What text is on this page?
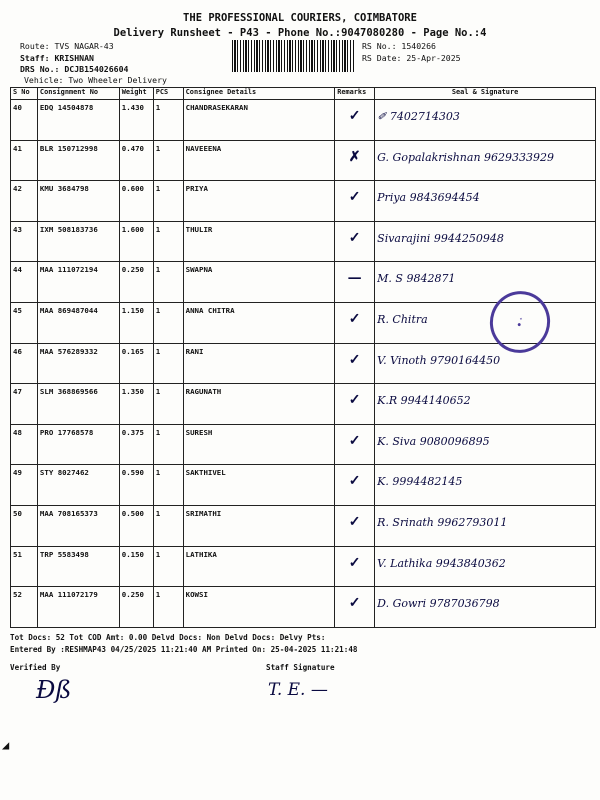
THE PROFESSIONAL COURIERS, COIMBATORE
Delivery Runsheet - P43 - Phone No.:9047080280 - Page No.:4
Route: TVS NAGAR-43
Staff: KRISHNAN
DRS No.: DCJB154026604
Vehicle: Two Wheeler Delivery
RS No.: 1540266
RS Date: 25-Apr-2025
S No	Consignment No	Weight	PCS	Consignee Details	Remarks	Seal & Signature
40	EDQ 14504878	1.430	1	CHANDRASEKARAN	✓	✐ 7402714303
41	BLR 150712998	0.470	1	NAVEEENA	✗	G. Gopalakrishnan 9629333929
42	KMU 3684798	0.600	1	PRIYA	✓	Priya 9843694454
43	IXM 508183736	1.600	1	THULIR	✓	Sivarajini 9944250948
44	MAA 111072194	0.250	1	SWAPNA	—	M. S 9842871
45	MAA 869487044	1.150	1	ANNA CHITRA	✓	R. Chitra
46	MAA 576289332	0.165	1	RANI	✓	V. Vinoth 9790164450
47	SLM 368869566	1.350	1	RAGUNATH	✓	K.R 9944140652
48	PRO 17768578	0.375	1	SURESH	✓	K. Siva 9080096895
49	STY 8027462	0.590	1	SAKTHIVEL	✓	K. 9994482145
50	MAA 708165373	0.500	1	SRIMATHI	✓	R. Srinath 9962793011
51	TRP 5583498	0.150	1	LATHIKA	✓	V. Lathika 9943840362
52	MAA 111072179	0.250	1	KOWSI	✓	D. Gowri 9787036798
✦
●
Tot Docs: 52 Tot COD Amt: 0.00 Delvd Docs: Non Delvd Docs: Delvy Pts:
Entered By :RESHMAP43 04/25/2025 11:21:40 AM Printed On: 25-04-2025 11:21:48
Verified By	Staff Signature
Ðß	T. E. —
◢
